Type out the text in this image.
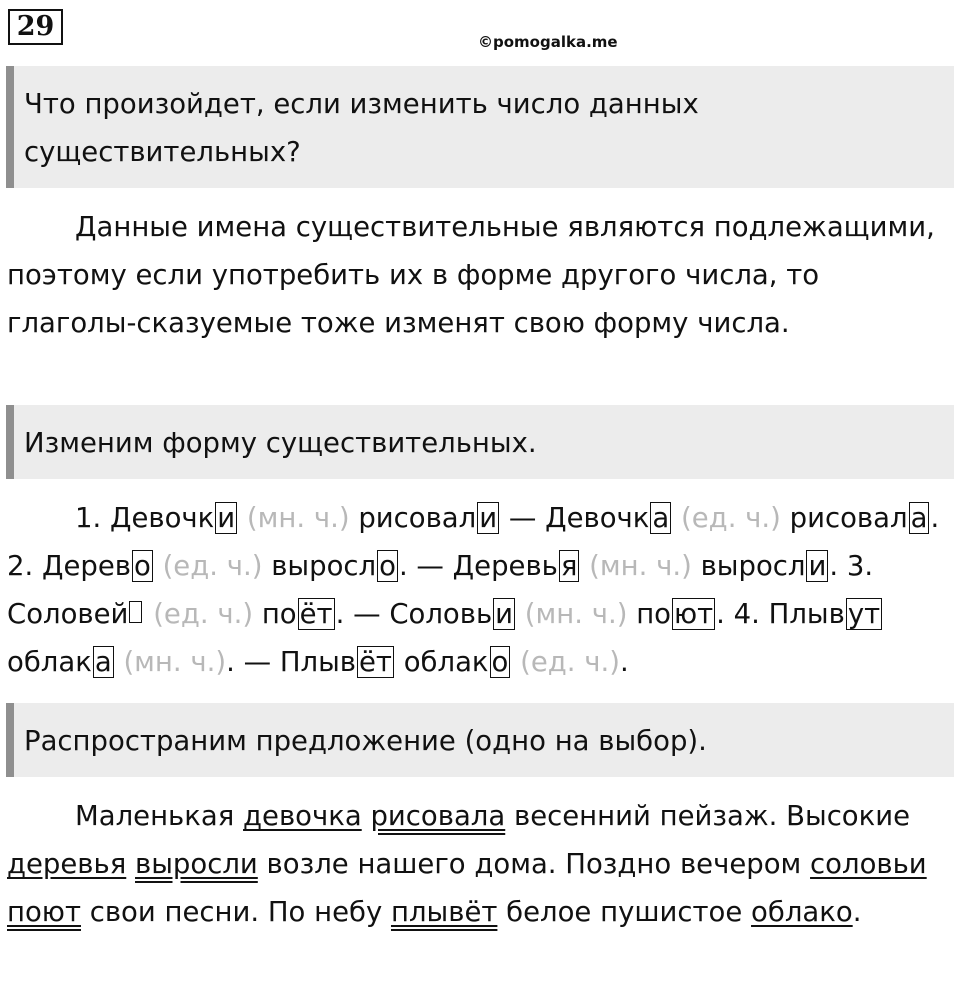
29	©pomogalka.me
Что произойдет, если изменить число данных существительных?
Данные имена существительные являются подлежащими, поэтому если употребить их в форме другого числа, то глаголы-сказуемые тоже изменят свою форму числа.
Изменим форму существительных.
1. Девочк и (мн. ч.) рисовал и — Девочк а (ед. ч.) рисовал а . 2. Дерев о (ед. ч.) выросл о . — Деревь я (мн. ч.) выросл и . 3. Соловей (ед. ч.) по ёт . — Соловь и (мн. ч.) по ют . 4. Плыв ут облак а (мн. ч.). — Плыв ёт облак о (ед. ч.).
Распространим предложение (одно на выбор).
Маленькая девочка рисовала весенний пейзаж. Высокие деревья выросли возле нашего дома. Поздно вечером соловьи поют свои песни. По небу плывёт белое пушистое облако.
